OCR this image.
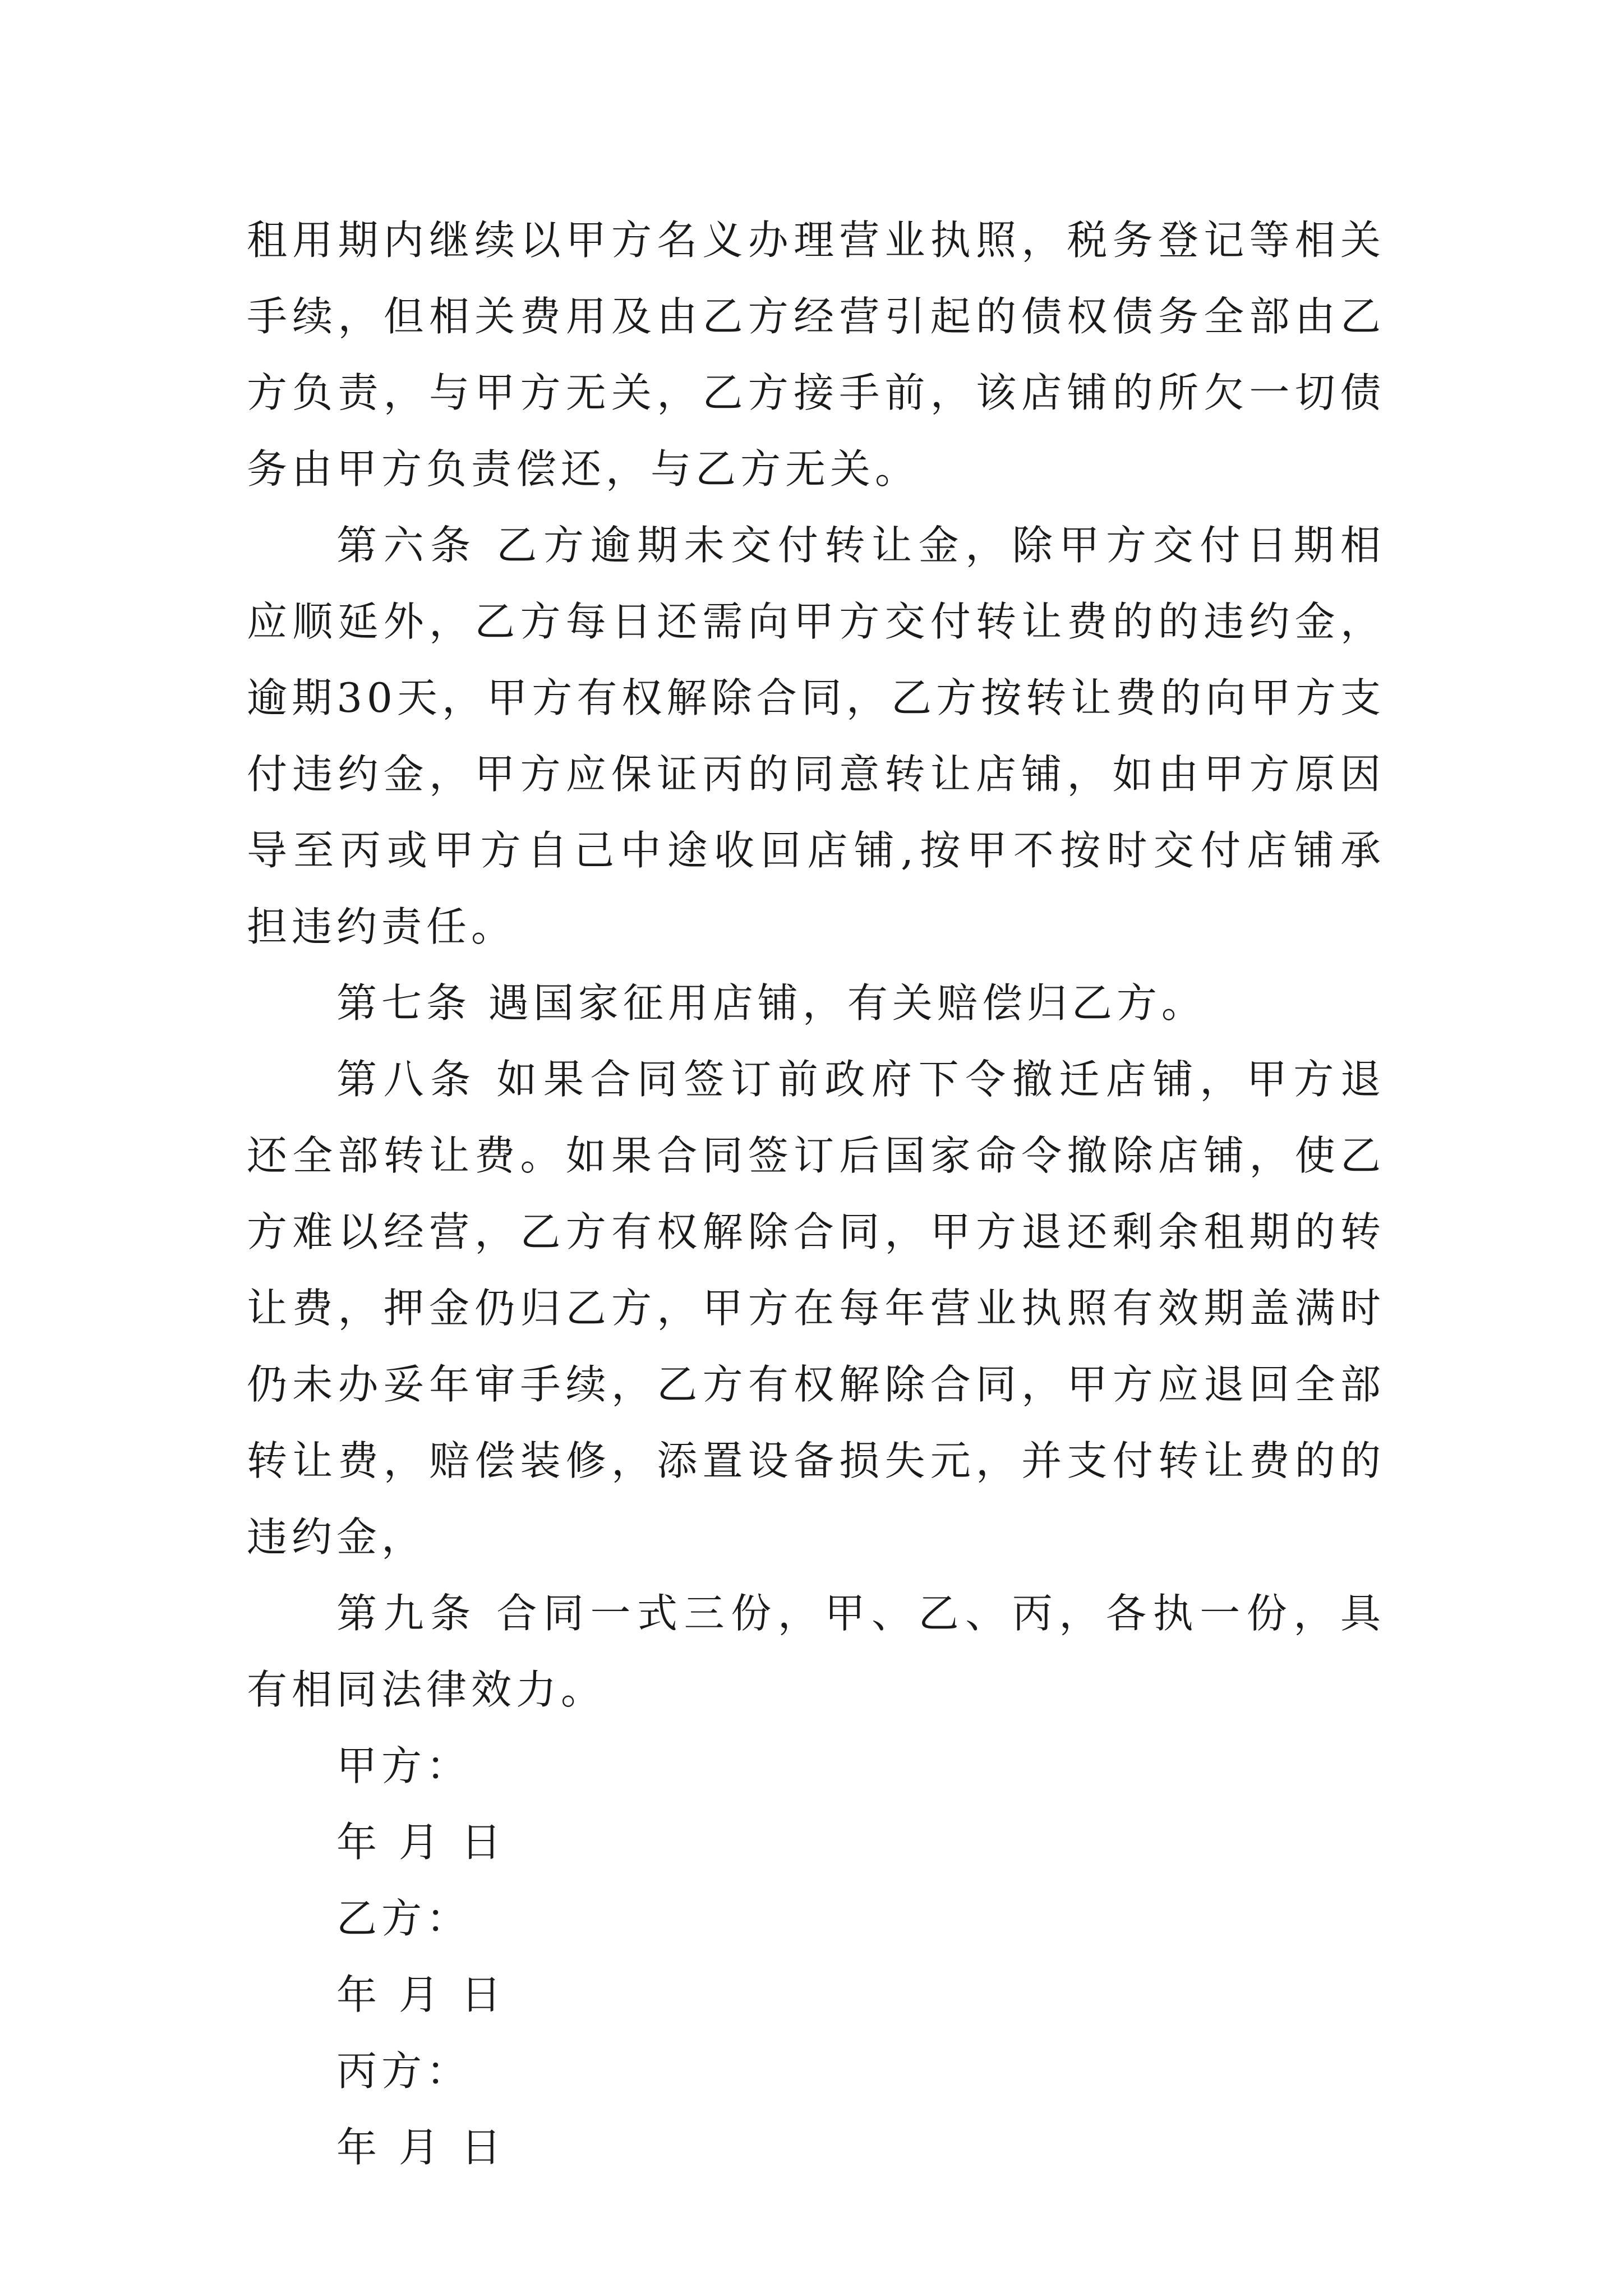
租用期内继续以甲方名义办理营业执照，税务登记等相关手续，但相关费用及由乙方经营引起的债权债务全部由乙方负责，与甲方无关，乙方接手前，该店铺的所欠一切债务由甲方负责偿还，与乙方无关。

第六条 乙方逾期未交付转让金，除甲方交付日期相应顺延外，乙方每日还需向甲方交付转让费的的违约金，逾期30天，甲方有权解除合同，乙方按转让费的向甲方支付违约金，甲方应保证丙的同意转让店铺，如由甲方原因导至丙或甲方自己中途收回店铺,按甲不按时交付店铺承担违约责任。

第七条 遇国家征用店铺，有关赔偿归乙方。

第八条 如果合同签订前政府下令撤迁店铺，甲方退还全部转让费。如果合同签订后国家命令撤除店铺，使乙方难以经营，乙方有权解除合同，甲方退还剩余租期的转让费，押金仍归乙方，甲方在每年营业执照有效期盖满时仍未办妥年审手续，乙方有权解除合同，甲方应退回全部转让费，赔偿装修，添置设备损失元，并支付转让费的的违约金，

第九条 合同一式三份，甲、乙、丙，各执一份，具有相同法律效力。

甲方：

年 月 日

乙方：

年 月 日

丙方：

年 月 日
